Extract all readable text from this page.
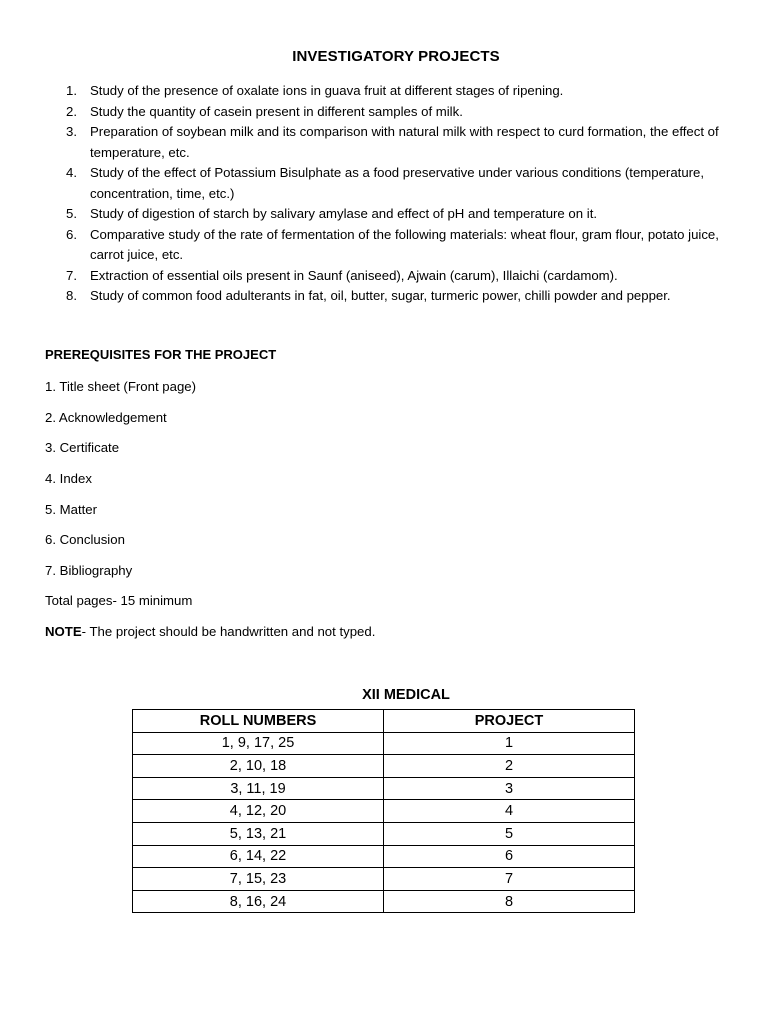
INVESTIGATORY PROJECTS
1. Study of the presence of oxalate ions in guava fruit at different stages of ripening.
2. Study the quantity of casein present in different samples of milk.
3. Preparation of soybean milk and its comparison with natural milk with respect to curd formation, the effect of temperature, etc.
4. Study of the effect of Potassium Bisulphate as a food preservative under various conditions (temperature, concentration, time, etc.)
5. Study of digestion of starch by salivary amylase and effect of pH and temperature on it.
6. Comparative study of the rate of fermentation of the following materials: wheat flour, gram flour, potato juice, carrot juice, etc.
7. Extraction of essential oils present in Saunf (aniseed), Ajwain (carum), Illaichi (cardamom).
8. Study of common food adulterants in fat, oil, butter, sugar, turmeric power, chilli powder and pepper.
PREREQUISITES FOR THE PROJECT
1. Title sheet (Front page)
2. Acknowledgement
3. Certificate
4. Index
5. Matter
6. Conclusion
7. Bibliography
Total pages- 15 minimum
NOTE- The project should be handwritten and not typed.
XII MEDICAL
ROLL NUMBERS	PROJECT
1, 9, 17, 25	1
2, 10, 18	2
3, 11, 19	3
4, 12, 20	4
5, 13, 21	5
6, 14, 22	6
7, 15, 23	7
8, 16, 24	8
